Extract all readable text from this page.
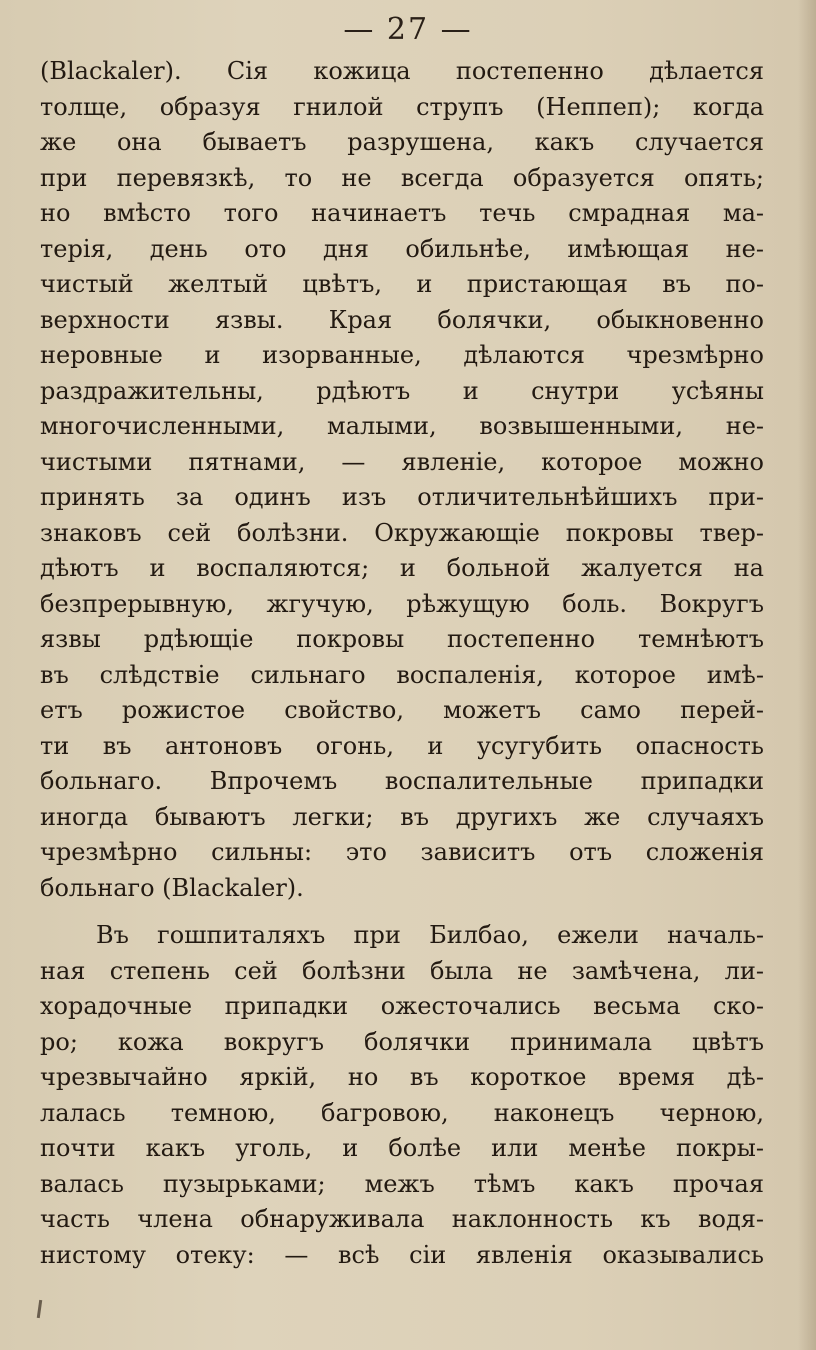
— 27 —
(Blackaler). Сія кожица постепенно дѣлается
толще, образуя гнилой струпъ (Heппеп); когда
же она бываетъ разрушена, какъ случается
при перевязкѣ, то не всегда образуется опять;
но вмѣсто того начинаетъ течь смрадная ма-
терія, день ото дня обильнѣе, имѣющая не-
чистый желтый цвѣтъ, и пристающая въ по-
верхности язвы. Края болячки, обыкновенно
неровные и изорванные, дѣлаются чрезмѣрно
раздражительны, рдѣютъ и снутри усѣяны
многочисленными, малыми, возвышенными, не-
чистыми пятнами, — явленіе, которое можно
принять за одинъ изъ отличительнѣйшихъ при-
знаковъ сей болѣзни. Окружающіе покровы твер-
дѣютъ и воспаляются; и больной жалуется на
безпрерывную, жгучую, рѣжущую боль. Вокругъ
язвы рдѣющіе покровы постепенно темнѣютъ
въ слѣдствіе сильнаго воспаленія, которое имѣ-
етъ рожистое свойство, можетъ само перей-
ти въ антоновъ огонь, и усугубить опасность
больнаго. Впрочемъ воспалительные припадки
иногда бываютъ легки; въ другихъ же случаяхъ
чрезмѣрно сильны: это зависитъ отъ сложенія
больнаго (Blackaler).
Въ гошпиталяхъ при Билбао, ежели началь-
ная степень сей болѣзни была не замѣчена, ли-
хорадочные припадки ожесточались весьма ско-
ро; кожа вокругъ болячки принимала цвѣтъ
чрезвычайно яркій, но въ короткое время дѣ-
лалась темною, багровою, наконецъ черною,
почти какъ уголь, и болѣе или менѣе покры-
валась пузырьками; межъ тѣмъ какъ прочая
часть члена обнаруживала наклонность къ водя-
нистому отеку: — всѣ сіи явленія оказывались
